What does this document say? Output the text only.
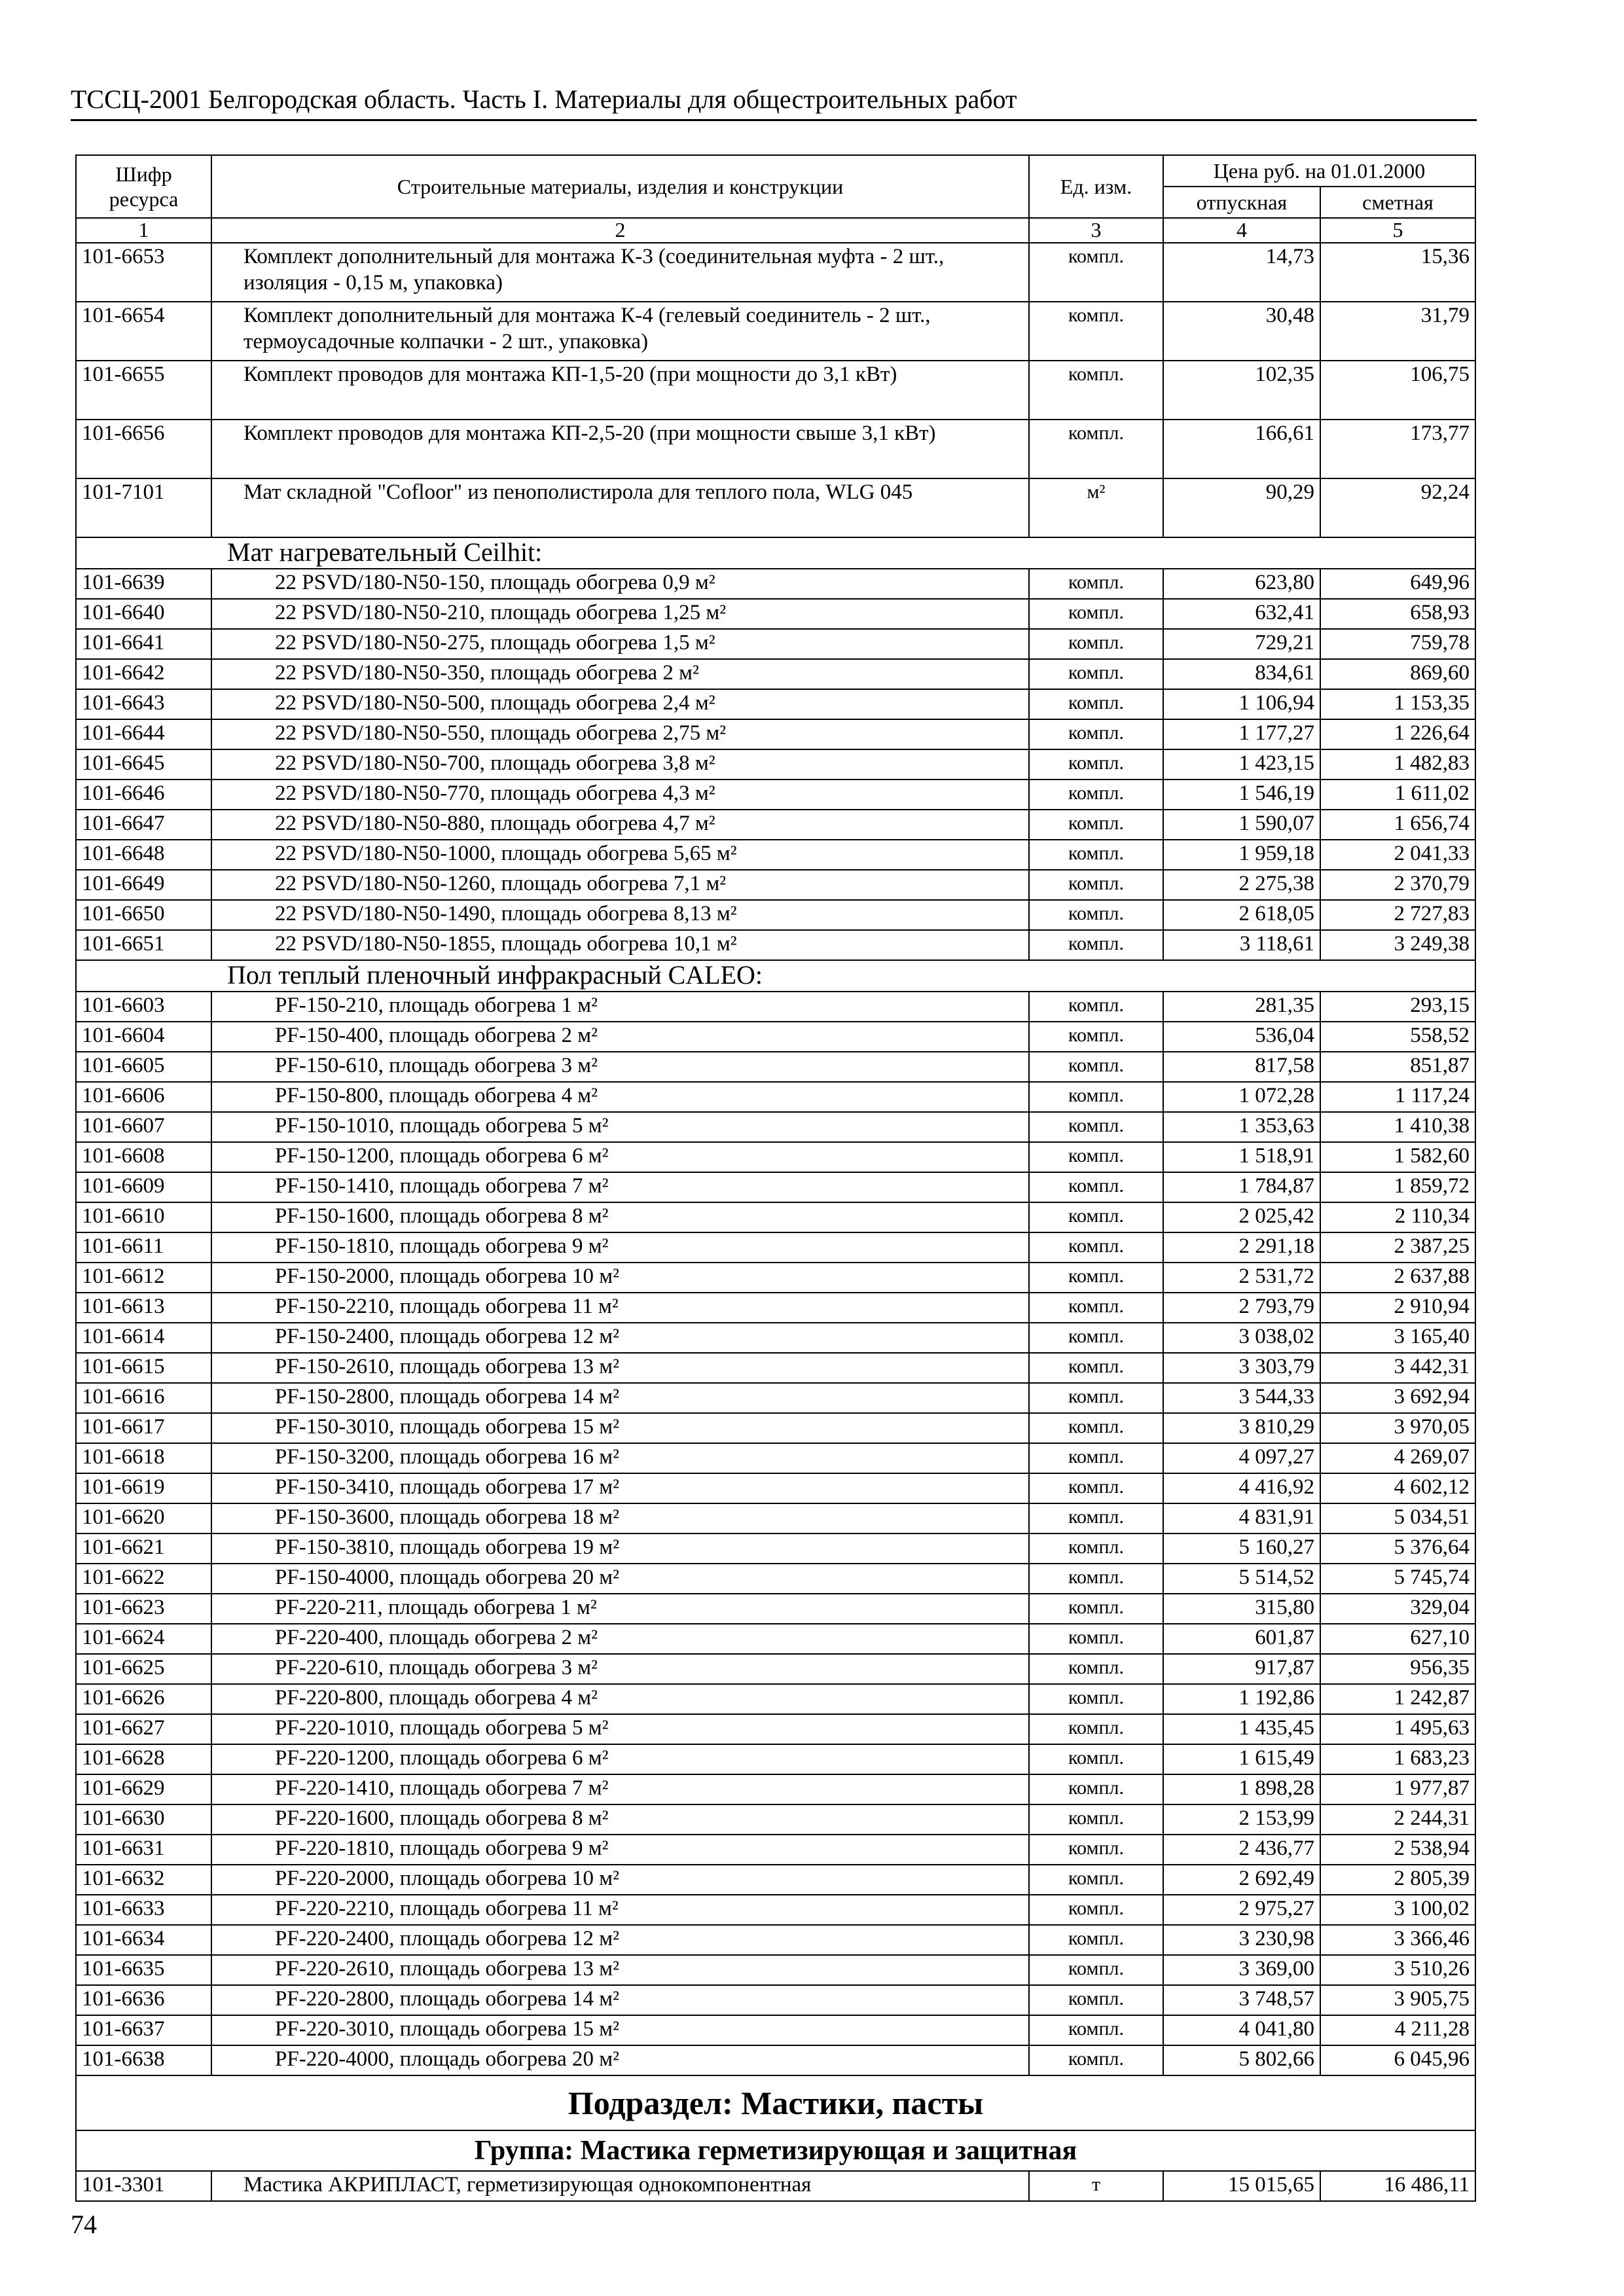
ТССЦ-2001 Белгородская область. Часть I. Материалы для общестроительных работ
Шифр ресурса	Строительные материалы, изделия и конструкции	Ед. изм.	Цена руб. на 01.01.2000	
			отпускная	сметная
1	2	3	4	5
101-6653	Комплект дополнительный для монтажа К-3 (соединительная муфта - 2 шт., изоляция - 0,15 м, упаковка)	компл.	14,73	15,36
101-6654	Комплект дополнительный для монтажа К-4 (гелевый соединитель - 2 шт., термоусадочные колпачки - 2 шт., упаковка)	компл.	30,48	31,79
101-6655	Комплект проводов для монтажа КП-1,5-20 (при мощности до 3,1 кВт)	компл.	102,35	106,75
101-6656	Комплект проводов для монтажа КП-2,5-20 (при мощности свыше 3,1 кВт)	компл.	166,61	173,77
101-7101	Мат складной "Cofloor" из пенополистирола для теплого пола, WLG 045	м²	90,29	92,24
Мат нагревательный Ceilhit:				
101-6639	22 PSVD/180-N50-150, площадь обогрева 0,9 м²	компл.	623,80	649,96
101-6640	22 PSVD/180-N50-210, площадь обогрева 1,25 м²	компл.	632,41	658,93
101-6641	22 PSVD/180-N50-275, площадь обогрева 1,5 м²	компл.	729,21	759,78
101-6642	22 PSVD/180-N50-350, площадь обогрева 2 м²	компл.	834,61	869,60
101-6643	22 PSVD/180-N50-500, площадь обогрева 2,4 м²	компл.	1 106,94	1 153,35
101-6644	22 PSVD/180-N50-550, площадь обогрева 2,75 м²	компл.	1 177,27	1 226,64
101-6645	22 PSVD/180-N50-700, площадь обогрева 3,8 м²	компл.	1 423,15	1 482,83
101-6646	22 PSVD/180-N50-770, площадь обогрева 4,3 м²	компл.	1 546,19	1 611,02
101-6647	22 PSVD/180-N50-880, площадь обогрева 4,7 м²	компл.	1 590,07	1 656,74
101-6648	22 PSVD/180-N50-1000, площадь обогрева 5,65 м²	компл.	1 959,18	2 041,33
101-6649	22 PSVD/180-N50-1260, площадь обогрева 7,1 м²	компл.	2 275,38	2 370,79
101-6650	22 PSVD/180-N50-1490, площадь обогрева 8,13 м²	компл.	2 618,05	2 727,83
101-6651	22 PSVD/180-N50-1855, площадь обогрева 10,1 м²	компл.	3 118,61	3 249,38
Пол теплый пленочный инфракрасный CALEO:				
101-6603	PF-150-210, площадь обогрева 1 м²	компл.	281,35	293,15
101-6604	PF-150-400, площадь обогрева 2 м²	компл.	536,04	558,52
101-6605	PF-150-610, площадь обогрева 3 м²	компл.	817,58	851,87
101-6606	PF-150-800, площадь обогрева 4 м²	компл.	1 072,28	1 117,24
101-6607	PF-150-1010, площадь обогрева 5 м²	компл.	1 353,63	1 410,38
101-6608	PF-150-1200, площадь обогрева 6 м²	компл.	1 518,91	1 582,60
101-6609	PF-150-1410, площадь обогрева 7 м²	компл.	1 784,87	1 859,72
101-6610	PF-150-1600, площадь обогрева 8 м²	компл.	2 025,42	2 110,34
101-6611	PF-150-1810, площадь обогрева 9 м²	компл.	2 291,18	2 387,25
101-6612	PF-150-2000, площадь обогрева 10 м²	компл.	2 531,72	2 637,88
101-6613	PF-150-2210, площадь обогрева 11 м²	компл.	2 793,79	2 910,94
101-6614	PF-150-2400, площадь обогрева 12 м²	компл.	3 038,02	3 165,40
101-6615	PF-150-2610, площадь обогрева 13 м²	компл.	3 303,79	3 442,31
101-6616	PF-150-2800, площадь обогрева 14 м²	компл.	3 544,33	3 692,94
101-6617	PF-150-3010, площадь обогрева 15 м²	компл.	3 810,29	3 970,05
101-6618	PF-150-3200, площадь обогрева 16 м²	компл.	4 097,27	4 269,07
101-6619	PF-150-3410, площадь обогрева 17 м²	компл.	4 416,92	4 602,12
101-6620	PF-150-3600, площадь обогрева 18 м²	компл.	4 831,91	5 034,51
101-6621	PF-150-3810, площадь обогрева 19 м²	компл.	5 160,27	5 376,64
101-6622	PF-150-4000, площадь обогрева 20 м²	компл.	5 514,52	5 745,74
101-6623	PF-220-211, площадь обогрева 1 м²	компл.	315,80	329,04
101-6624	PF-220-400, площадь обогрева 2 м²	компл.	601,87	627,10
101-6625	PF-220-610, площадь обогрева 3 м²	компл.	917,87	956,35
101-6626	PF-220-800, площадь обогрева 4 м²	компл.	1 192,86	1 242,87
101-6627	PF-220-1010, площадь обогрева 5 м²	компл.	1 435,45	1 495,63
101-6628	PF-220-1200, площадь обогрева 6 м²	компл.	1 615,49	1 683,23
101-6629	PF-220-1410, площадь обогрева 7 м²	компл.	1 898,28	1 977,87
101-6630	PF-220-1600, площадь обогрева 8 м²	компл.	2 153,99	2 244,31
101-6631	PF-220-1810, площадь обогрева 9 м²	компл.	2 436,77	2 538,94
101-6632	PF-220-2000, площадь обогрева 10 м²	компл.	2 692,49	2 805,39
101-6633	PF-220-2210, площадь обогрева 11 м²	компл.	2 975,27	3 100,02
101-6634	PF-220-2400, площадь обогрева 12 м²	компл.	3 230,98	3 366,46
101-6635	PF-220-2610, площадь обогрева 13 м²	компл.	3 369,00	3 510,26
101-6636	PF-220-2800, площадь обогрева 14 м²	компл.	3 748,57	3 905,75
101-6637	PF-220-3010, площадь обогрева 15 м²	компл.	4 041,80	4 211,28
101-6638	PF-220-4000, площадь обогрева 20 м²	компл.	5 802,66	6 045,96
Подраздел: Мастики, пасты				
Группа: Мастика герметизирующая и защитная				
101-3301	Мастика АКРИПЛАСТ, герметизирующая однокомпонентная	т	15 015,65	16 486,11
74
